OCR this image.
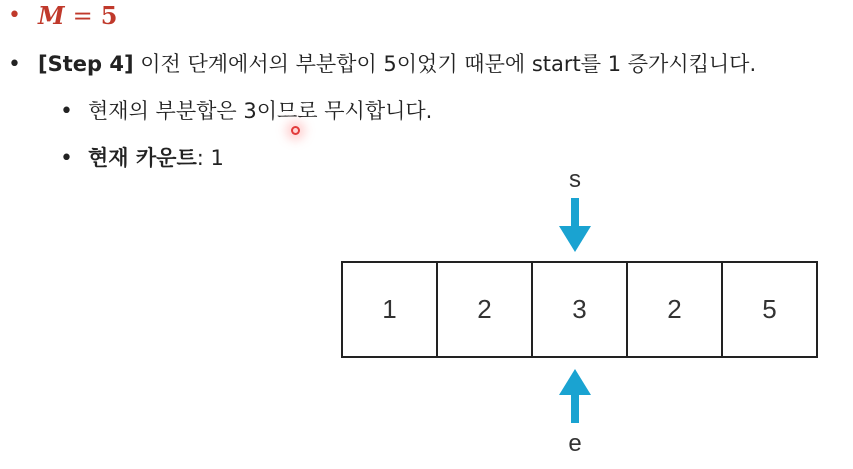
• M = 5
• [Step 4] 이전 단계에서의 부분합이 5이었기 때문에 start를 1 증가시킵니다.
• 현재의 부분합은 3이므로 무시합니다.
• 현재 카운트: 1
s
1	2	3	2	5
e
